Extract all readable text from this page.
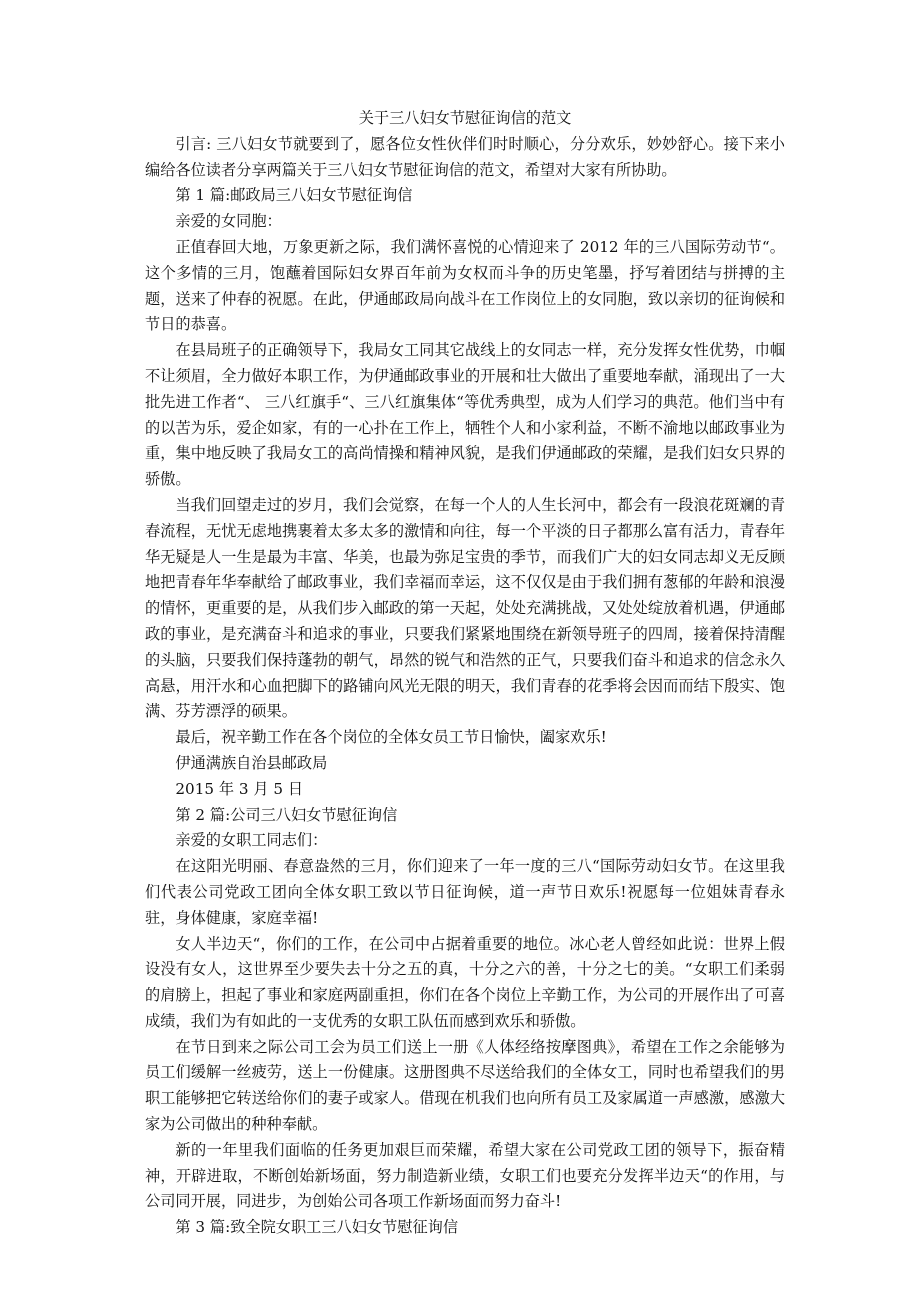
关于三八妇女节慰征询信的范文

引言: 三八妇女节就要到了，愿各位女性伙伴们时时顺心，分分欢乐，妙妙舒心。接下来小编给各位读者分享两篇关于三八妇女节慰征询信的范文，希望对大家有所协助。

第 1 篇:邮政局三八妇女节慰征询信

亲爱的女同胞：

正值春回大地，万象更新之际，我们满怀喜悦的心情迎来了 2012 年的三八国际劳动节“。这个多情的三月，饱蘸着国际妇女界百年前为女权而斗争的历史笔墨，抒写着团结与拼搏的主题，送来了仲春的祝愿。在此，伊通邮政局向战斗在工作岗位上的女同胞，致以亲切的征询候和节日的恭喜。

在县局班子的正确领导下，我局女工同其它战线上的女同志一样，充分发挥女性优势，巾帼不让须眉，全力做好本职工作，为伊通邮政事业的开展和壮大做出了重要地奉献，涌现出了一大批先进工作者“、 三八红旗手“、三八红旗集体“等优秀典型，成为人们学习的典范。他们当中有的以苦为乐，爱企如家，有的一心扑在工作上，牺牲个人和小家利益，不断不渝地以邮政事业为重，集中地反映了我局女工的高尚情操和精神风貌，是我们伊通邮政的荣耀，是我们妇女只界的骄傲。

当我们回望走过的岁月，我们会觉察，在每一个人的人生长河中，都会有一段浪花斑斓的青春流程，无忧无虑地携裹着太多太多的激情和向往，每一个平淡的日子都那么富有活力，青春年华无疑是人一生是最为丰富、华美，也最为弥足宝贵的季节，而我们广大的妇女同志却义无反顾地把青春年华奉献给了邮政事业，我们幸福而幸运，这不仅仅是由于我们拥有葱郁的年龄和浪漫的情怀，更重要的是，从我们步入邮政的第一天起，处处充满挑战，又处处绽放着机遇，伊通邮政的事业，是充满奋斗和追求的事业，只要我们紧紧地围绕在新领导班子的四周，接着保持清醒的头脑，只要我们保持蓬勃的朝气，昂然的锐气和浩然的正气，只要我们奋斗和追求的信念永久高悬，用汗水和心血把脚下的路铺向风光无限的明天，我们青春的花季将会因而而结下殷实、饱满、芬芳漂浮的硕果。

最后，祝辛勤工作在各个岗位的全体女员工节日愉快，阖家欢乐!

伊通满族自治县邮政局

2015 年 3 月 5 日

第 2 篇:公司三八妇女节慰征询信

亲爱的女职工同志们：

在这阳光明丽、春意盎然的三月，你们迎来了一年一度的三八“国际劳动妇女节。在这里我们代表公司党政工团向全体女职工致以节日征询候，道一声节日欢乐!祝愿每一位姐妹青春永驻，身体健康，家庭幸福!

女人半边天“，你们的工作，在公司中占据着重要的地位。冰心老人曾经如此说：世界上假设没有女人，这世界至少要失去十分之五的真，十分之六的善，十分之七的美。“女职工们柔弱的肩膀上，担起了事业和家庭两副重担，你们在各个岗位上辛勤工作，为公司的开展作出了可喜成绩，我们为有如此的一支优秀的女职工队伍而感到欢乐和骄傲。

在节日到来之际公司工会为员工们送上一册《人体经络按摩图典》，希望在工作之余能够为员工们缓解一丝疲劳，送上一份健康。这册图典不尽送给我们的全体女工，同时也希望我们的男职工能够把它转送给你们的妻子或家人。借现在机我们也向所有员工及家属道一声感激，感激大家为公司做出的种种奉献。

新的一年里我们面临的任务更加艰巨而荣耀，希望大家在公司党政工团的领导下，振奋精神，开辟进取，不断创始新场面，努力制造新业绩，女职工们也要充分发挥半边天“的作用，与公司同开展，同进步，为创始公司各项工作新场面而努力奋斗!

第 3 篇:致全院女职工三八妇女节慰征询信
